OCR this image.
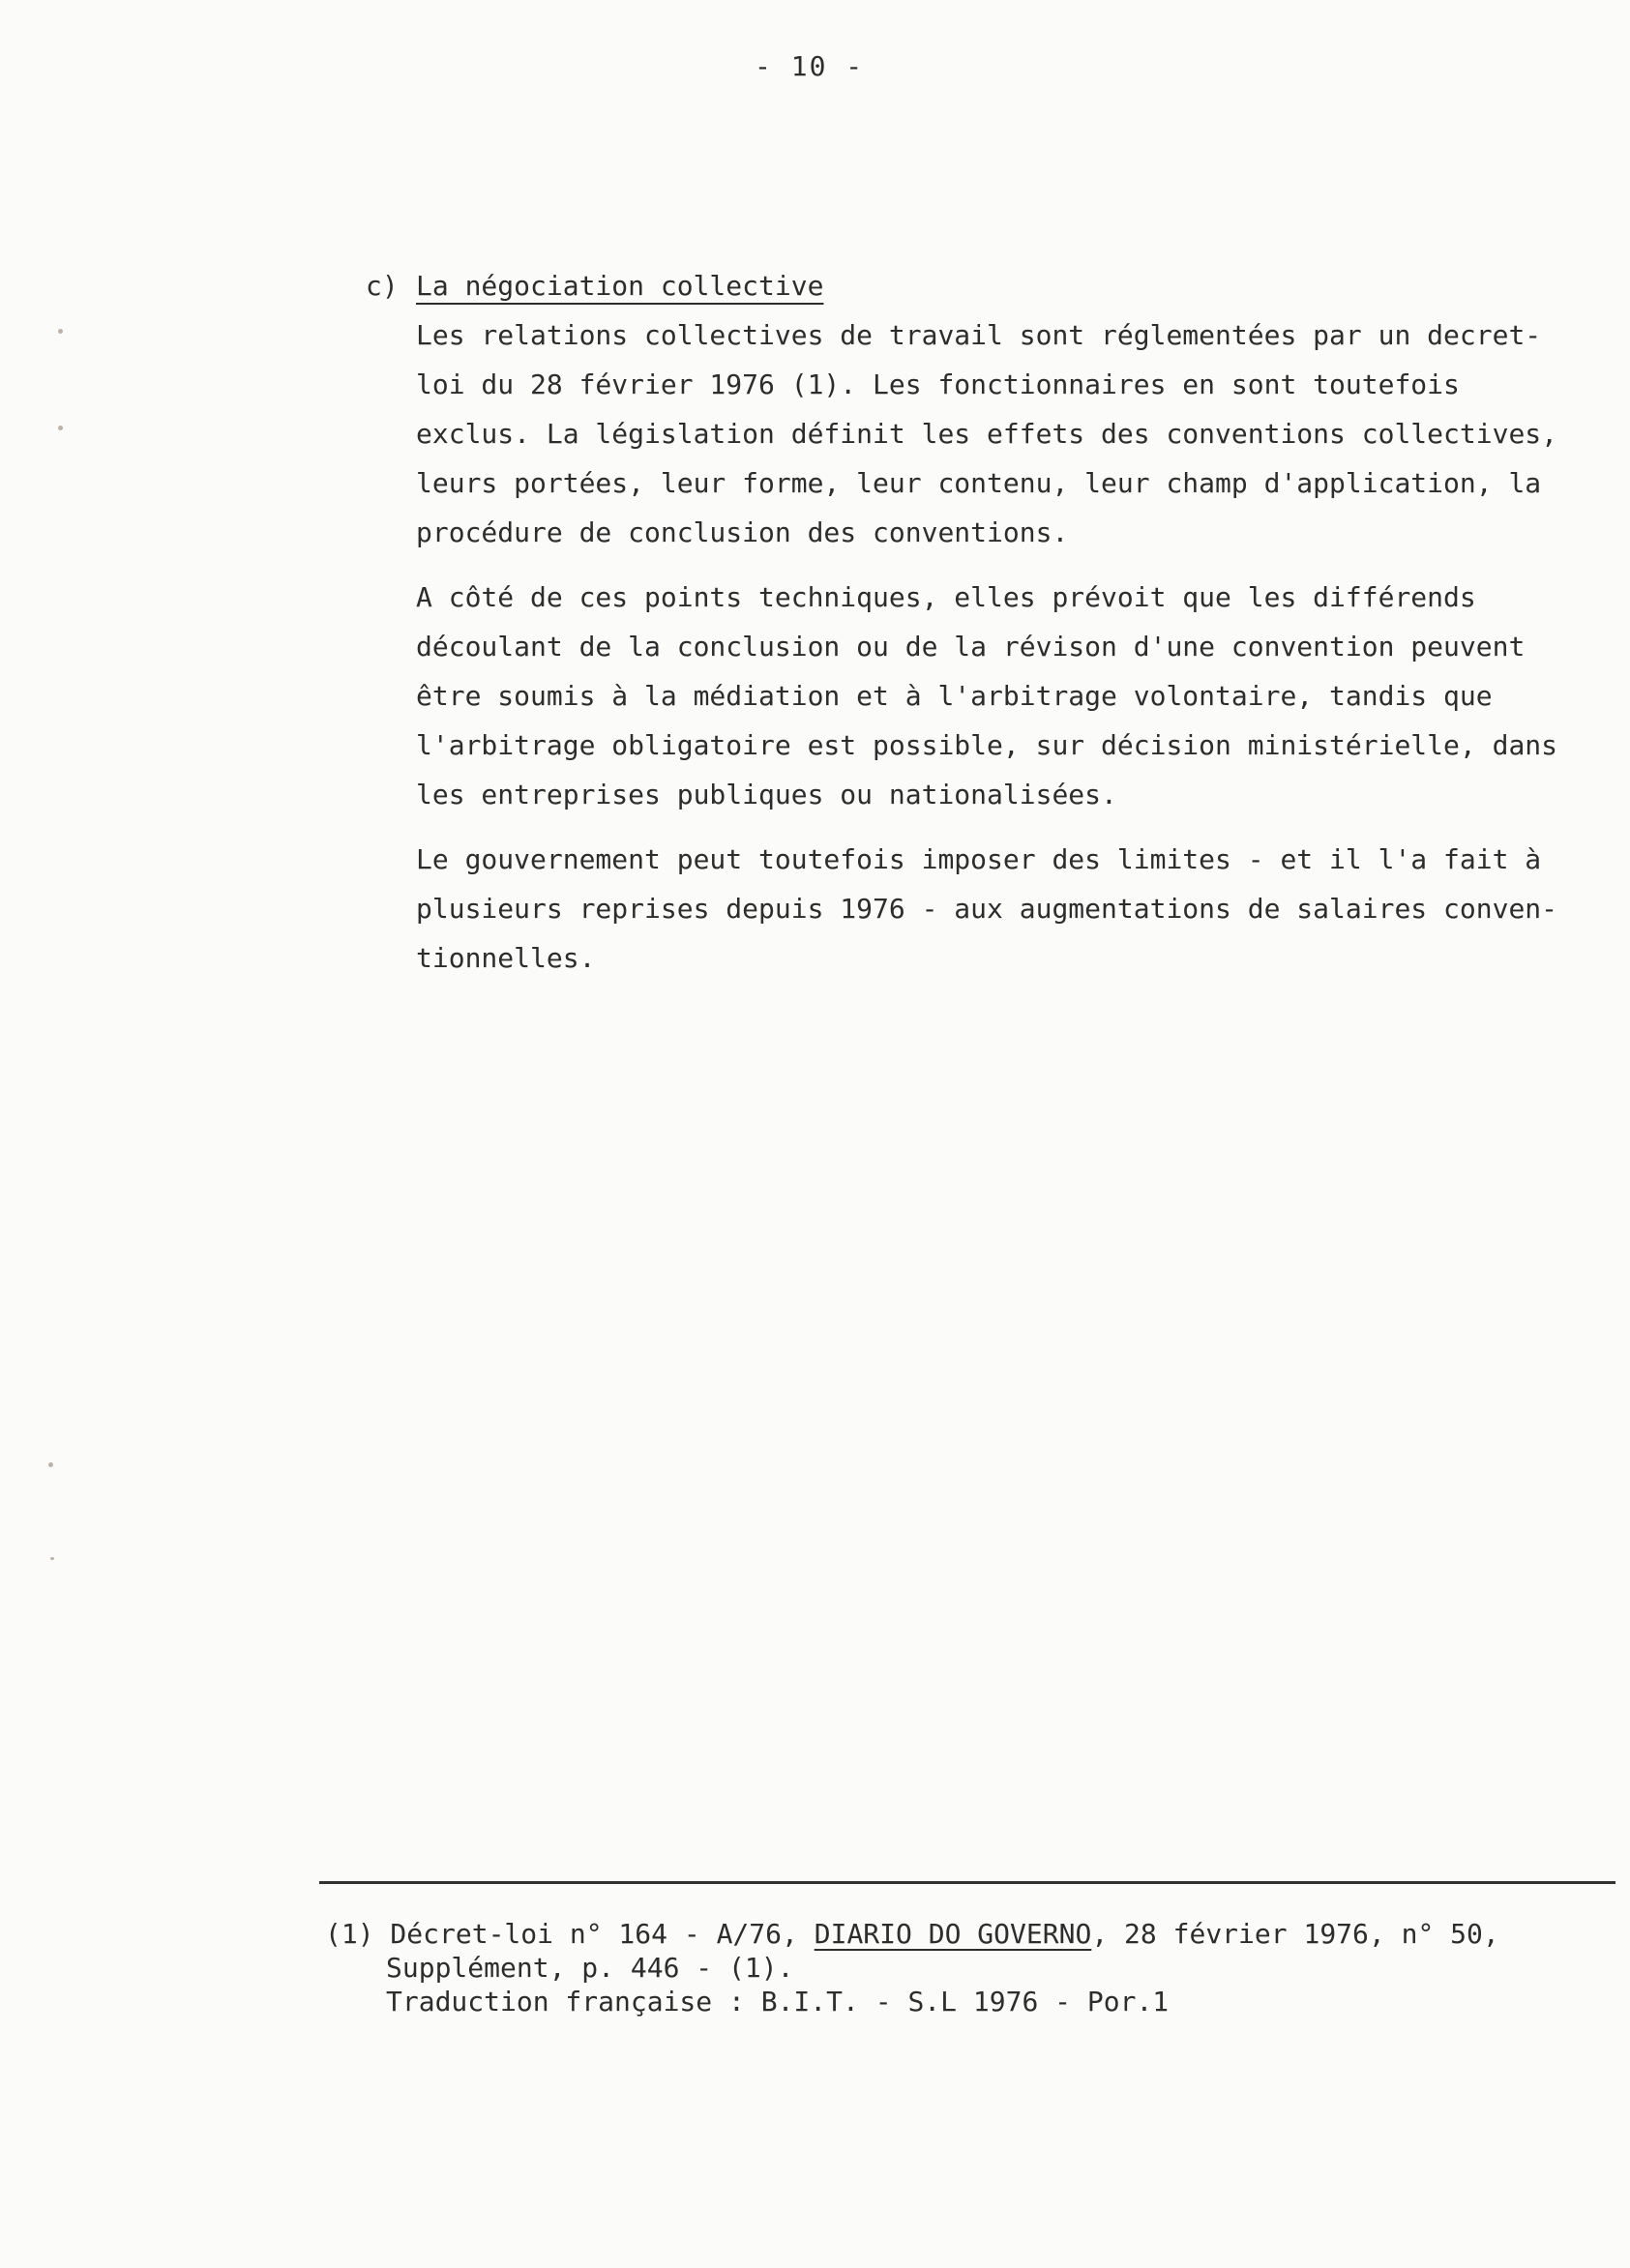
- 10 -
c) La négociation collective

Les relations collectives de travail sont réglementées par un decret-

loi du 28 février 1976 (1). Les fonctionnaires en sont toutefois

exclus. La législation définit les effets des conventions collectives,

leurs portées, leur forme, leur contenu, leur champ d'application, la

procédure de conclusion des conventions.

A côté de ces points techniques, elles prévoit que les différends

découlant de la conclusion ou de la révison d'une convention peuvent

être soumis à la médiation et à l'arbitrage volontaire, tandis que

l'arbitrage obligatoire est possible, sur décision ministérielle, dans

les entreprises publiques ou nationalisées.

Le gouvernement peut toutefois imposer des limites - et il l'a fait à

plusieurs reprises depuis 1976 - aux augmentations de salaires conven-

tionnelles.

(1) Décret-loi n° 164 - A/76, DIARIO DO GOVERNO, 28 février 1976, n° 50,
Supplément, p. 446 - (1).
Traduction française : B.I.T. - S.L 1976 - Por.1
